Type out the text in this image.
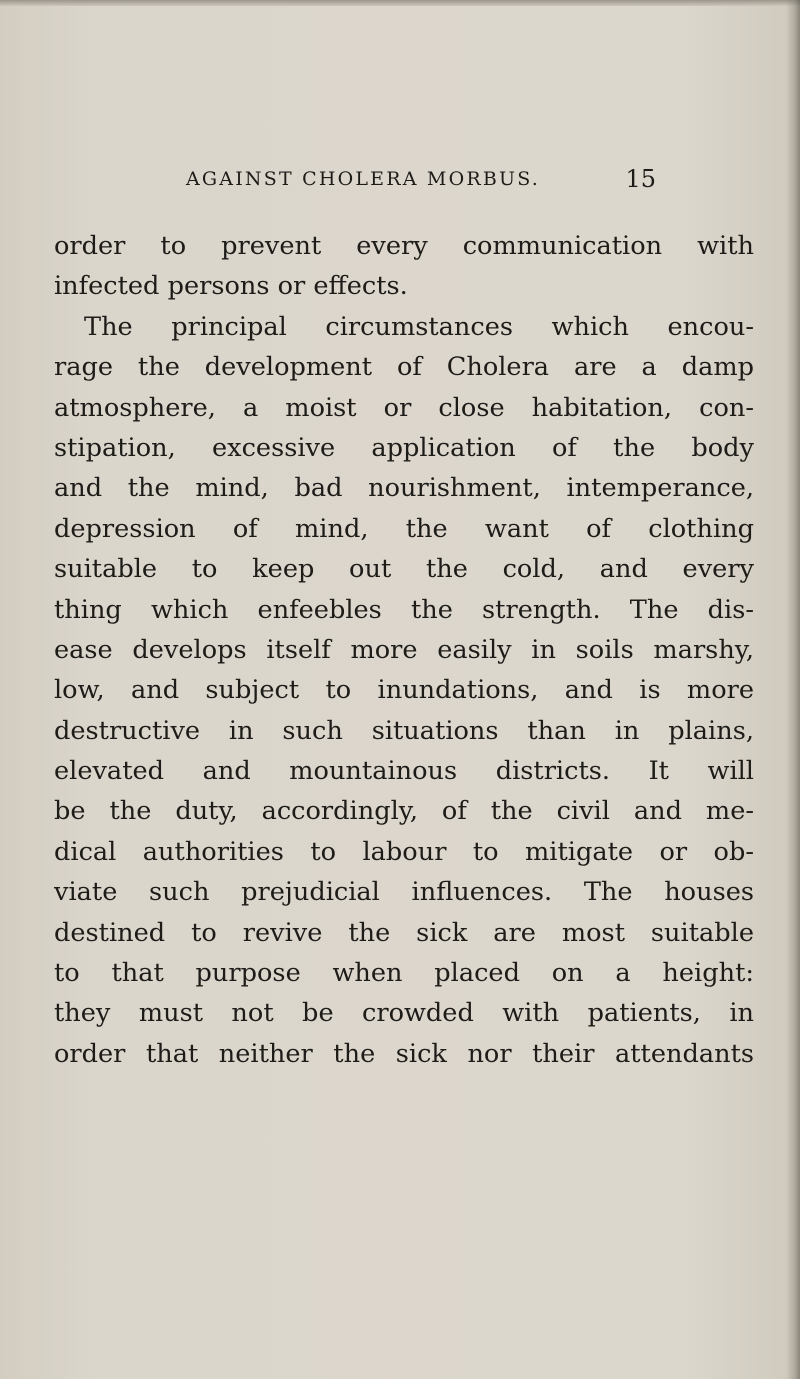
AGAINST CHOLERA MORBUS.	15
order to prevent every communication with
infected persons or effects.
The principal circumstances which encou-
rage the development of Cholera are a damp
atmosphere, a moist or close habitation, con-
stipation, excessive application of the body
and the mind, bad nourishment, intemperance,
depression of mind, the want of clothing
suitable to keep out the cold, and every
thing which enfeebles the strength. The dis-
ease develops itself more easily in soils marshy,
low, and subject to inundations, and is more
destructive in such situations than in plains,
elevated and mountainous districts. It will
be the duty, accordingly, of the civil and me-
dical authorities to labour to mitigate or ob-
viate such prejudicial influences. The houses
destined to revive the sick are most suitable
to that purpose when placed on a height:
they must not be crowded with patients, in
order that neither the sick nor their attendants
